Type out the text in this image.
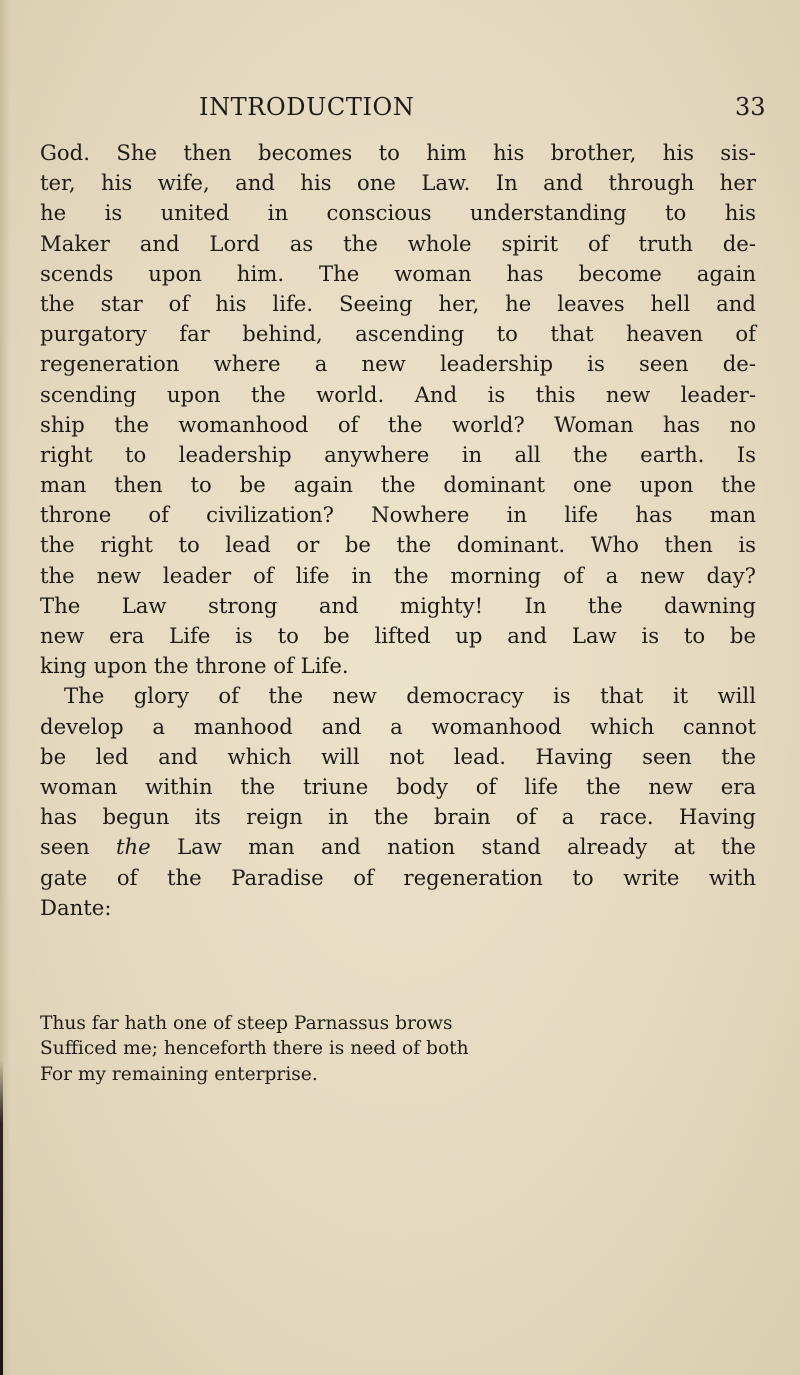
INTRODUCTION	33
God. She then becomes to him his brother, his sis-
ter, his wife, and his one Law. In and through her
he is united in conscious understanding to his
Maker and Lord as the whole spirit of truth de-
scends upon him. The woman has become again
the star of his life. Seeing her, he leaves hell and
purgatory far behind, ascending to that heaven of
regeneration where a new leadership is seen de-
scending upon the world. And is this new leader-
ship the womanhood of the world? Woman has no
right to leadership anywhere in all the earth. Is
man then to be again the dominant one upon the
throne of civilization? Nowhere in life has man
the right to lead or be the dominant. Who then is
the new leader of life in the morning of a new day?
The Law strong and mighty! In the dawning
new era Life is to be lifted up and Law is to be
king upon the throne of Life.
The glory of the new democracy is that it will
develop a manhood and a womanhood which cannot
be led and which will not lead. Having seen the
woman within the triune body of life the new era
has begun its reign in the brain of a race. Having
seen the Law man and nation stand already at the
gate of the Paradise of regeneration to write with
Dante:
Thus far hath one of steep Parnassus brows
Sufficed me; henceforth there is need of both
For my remaining enterprise.
